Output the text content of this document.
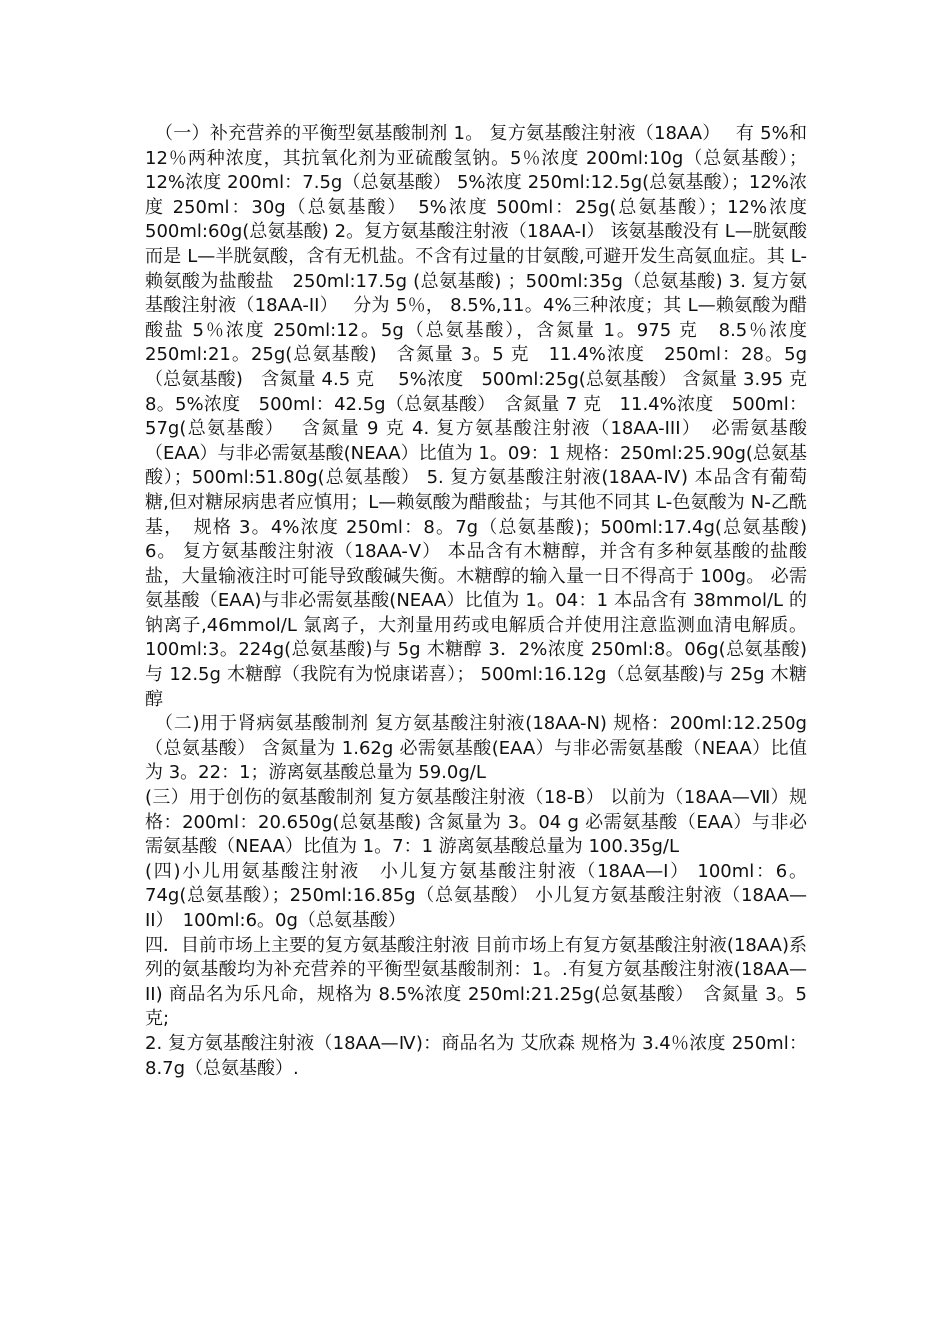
（一）补充营养的平衡型氨基酸制剂 1。 复方氨基酸注射液（18AA）　 有 5%和 12％两种浓度，其抗氧化剂为亚硫酸氢钠。5％浓度 200ml:10g（总氨基酸）； 12%浓度 200ml：7.5g（总氨基酸） 5%浓度 250ml:12.5g(总氨基酸）；12%浓度 250ml：30g（总氨基酸）　5%浓度 500ml：25g(总氨基酸）；12%浓度 500ml:60g(总氨基酸) 2。复方氨基酸注射液（18AA-I） 该氨基酸没有 L—胱氨酸而是 L—半胱氨酸，含有无机盐。不含有过量的甘氨酸,可避开发生高氨血症。其 L-赖氨酸为盐酸盐　250ml:17.5g (总氨基酸) ；500ml:35g（总氨基酸) 3. 复方氨基酸注射液（18AA-II）　 分为 5％， 8.5%,11。4%三种浓度；其 L—赖氨酸为醋酸盐 5％浓度 250ml:12。5g（总氨基酸），含氮量 1。975 克　8.5％浓度 250ml:21。25g(总氨基酸)　含氮量 3。5 克　11.4%浓度　250ml：28。5g（总氨基酸)　含氮量 4.5 克　 5%浓度　500ml:25g(总氨基酸） 含氮量 3.95 克　 8。5%浓度　500ml：42.5g（总氨基酸）　含氮量 7 克　11.4%浓度　500ml：57g(总氨基酸）　 含氮量 9 克 4. 复方氨基酸注射液（18AA-III）　必需氨基酸（EAA）与非必需氨基酸(NEAA）比值为 1。09：1 规格：250ml:25.90g(总氨基酸）；500ml:51.80g(总氨基酸） 5. 复方氨基酸注射液(18AA-Ⅳ) 本品含有葡萄糖,但对糖尿病患者应慎用；L—赖氨酸为醋酸盐；与其他不同其 L-色氨酸为 N-乙酰基，　规格 3。4%浓度 250ml：8。7g（总氨基酸)；500ml:17.4g(总氨基酸) 6。 复方氨基酸注射液（18AA-Ⅴ） 本品含有木糖醇，并含有多种氨基酸的盐酸盐，大量输液注时可能导致酸碱失衡。木糖醇的输入量一日不得高于 100g。 必需氨基酸（EAA)与非必需氨基酸(NEAA）比值为 1。04：1 本品含有 38mmol/L 的钠离子,46mmol/L 氯离子，大剂量用药或电解质合并使用注意监测血清电解质。100ml:3。224g(总氨基酸)与 5g 木糖醇 3．2%浓度 250ml:8。06g(总氨基酸)与 12.5g 木糖醇（我院有为悦康诺喜）； 500ml:16.12g（总氨基酸)与 25g 木糖醇

（二)用于肾病氨基酸制剂 复方氨基酸注射液(18AA-N) 规格：200ml:12.250g（总氨基酸） 含氮量为 1.62g 必需氨基酸(EAA）与非必需氨基酸（NEAA）比值为 3。22：1；游离氨基酸总量为 59.0g/L

(三）用于创伤的氨基酸制剂 复方氨基酸注射液（18-B） 以前为（18AA—Ⅶ）规格：200ml：20.650g(总氨基酸) 含氮量为 3。04 g 必需氨基酸（EAA）与非必需氨基酸（NEAA）比值为 1。7：1 游离氨基酸总量为 100.35g/L

(四)小儿用氨基酸注射液　小儿复方氨基酸注射液（18AA—I） 100ml：6。74g(总氨基酸）；250ml:16.85g（总氨基酸） 小儿复方氨基酸注射液（18AA—II）　100ml:6。0g（总氨基酸）

四．目前市场上主要的复方氨基酸注射液 目前市场上有复方氨基酸注射液(18AA)系列的氨基酸均为补充营养的平衡型氨基酸制剂：1。.有复方氨基酸注射液(18AA—II) 商品名为乐凡命，规格为 8.5%浓度 250ml:21.25g(总氨基酸）　含氮量 3。5 克;

2. 复方氨基酸注射液（18AA—Ⅳ)：商品名为 艾欣森 规格为 3.4％浓度 250ml：8.7g（总氨基酸）.
